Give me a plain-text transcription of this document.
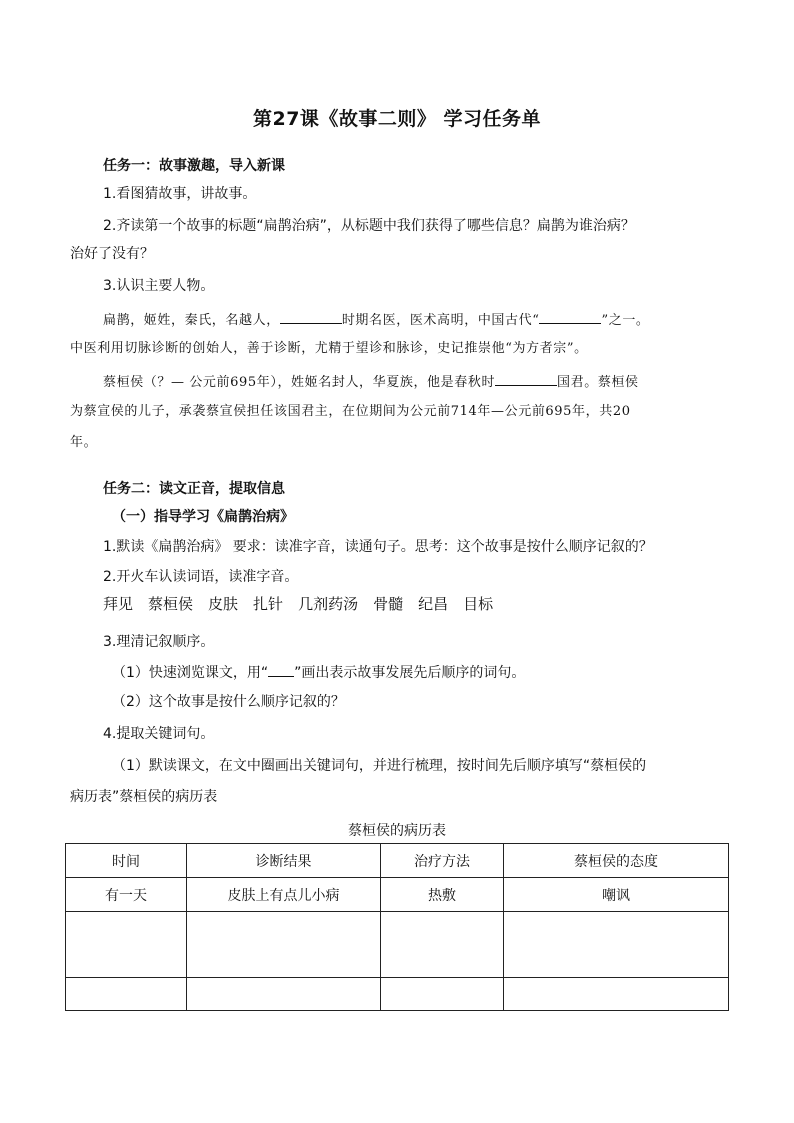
第27课《故事二则》 学习任务单
任务一：故事激趣，导入新课
1.看图猜故事，讲故事。
2.齐读第一个故事的标题“扁鹊治病”，从标题中我们获得了哪些信息？扁鹊为谁治病？
治好了没有？
3.认识主要人物。
扁鹊，姬姓，秦氏，名越人，	时期名医，医术高明，中国古代“	”之一。
中医利用切脉诊断的创始人，善于诊断，尤精于望诊和脉诊，史记推崇他“为方者宗”。
蔡桓侯（？— 公元前695年），姓姬名封人，华夏族，他是春秋时	国君。蔡桓侯
为蔡宣侯的儿子，承袭蔡宣侯担任该国君主，在位期间为公元前714年—公元前695年，共20
年。
任务二：读文正音，提取信息
（一）指导学习《扁鹊治病》
1.默读《扁鹊治病》 要求：读准字音，读通句子。思考：这个故事是按什么顺序记叙的？
2.开火车认读词语，读准字音。
拜见 蔡桓侯 皮肤 扎针 几剂药汤 骨髓 纪昌 目标
3.理清记叙顺序。
（1）快速浏览课文，用“ ”画出表示故事发展先后顺序的词句。
（2）这个故事是按什么顺序记叙的？
4.提取关键词句。
（1）默读课文，在文中圈画出关键词句，并进行梳理，按时间先后顺序填写“蔡桓侯的
病历表”蔡桓侯的病历表
蔡桓侯的病历表
时间	诊断结果	治疗方法	蔡桓侯的态度
有一天	皮肤上有点儿小病	热敷	嘲讽
